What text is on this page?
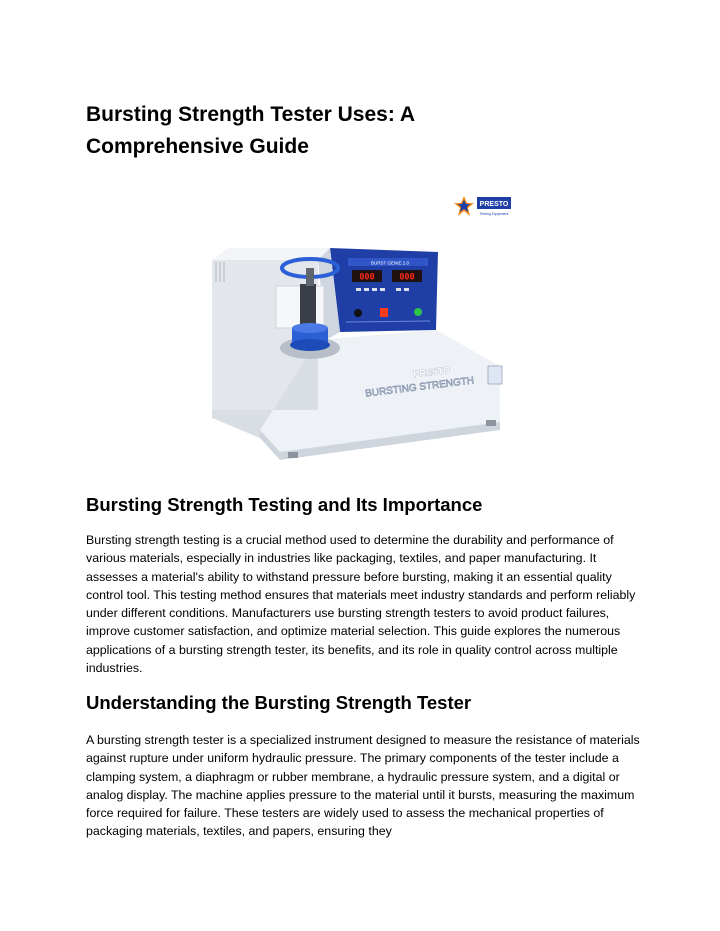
Bursting Strength Tester Uses: A Comprehensive Guide
PRESTO
Testing Equipment
BURST GENIE 2.0
000	000
PRESTO
BURSTING STRENGTH
Bursting Strength Testing and Its Importance

Bursting strength testing is a crucial method used to determine the durability and performance of various materials, especially in industries like packaging, textiles, and paper manufacturing. It assesses a material's ability to withstand pressure before bursting, making it an essential quality control tool. This testing method ensures that materials meet industry standards and perform reliably under different conditions. Manufacturers use bursting strength testers to avoid product failures, improve customer satisfaction, and optimize material selection. This guide explores the numerous applications of a bursting strength tester, its benefits, and its role in quality control across multiple industries.

Understanding the Bursting Strength Tester

A bursting strength tester is a specialized instrument designed to measure the resistance of materials against rupture under uniform hydraulic pressure. The primary components of the tester include a clamping system, a diaphragm or rubber membrane, a hydraulic pressure system, and a digital or analog display. The machine applies pressure to the material until it bursts, measuring the maximum force required for failure. These testers are widely used to assess the mechanical properties of packaging materials, textiles, and papers, ensuring they
